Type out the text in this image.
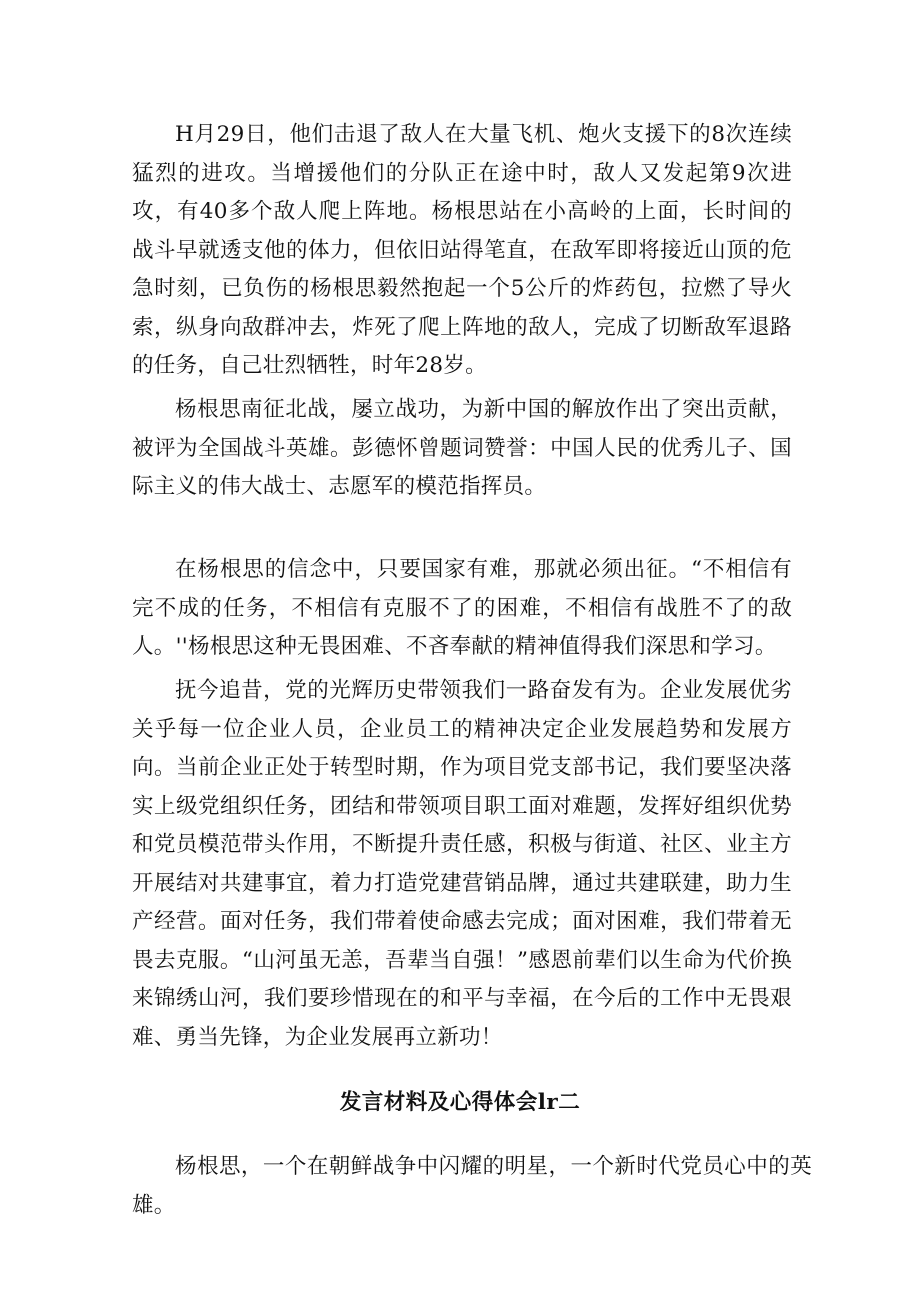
H月29日，他们击退了敌人在大量飞机、炮火支援下的8次连续猛烈的进攻。当增援他们的分队正在途中时，敌人又发起第9次进攻，有40多个敌人爬上阵地。杨根思站在小高岭的上面，长时间的战斗早就透支他的体力，但依旧站得笔直，在敌军即将接近山顶的危急时刻，已负伤的杨根思毅然抱起一个5公斤的炸药包，拉燃了导火索，纵身向敌群冲去，炸死了爬上阵地的敌人，完成了切断敌军退路的任务，自己壮烈牺牲，时年28岁。

杨根思南征北战，屡立战功，为新中国的解放作出了突出贡献，被评为全国战斗英雄。彭德怀曾题词赞誉：中国人民的优秀儿子、国际主义的伟大战士、志愿军的模范指挥员。

在杨根思的信念中，只要国家有难，那就必须出征。“不相信有完不成的任务，不相信有克服不了的困难，不相信有战胜不了的敌人。''杨根思这种无畏困难、不吝奉献的精神值得我们深思和学习。

抚今追昔，党的光辉历史带领我们一路奋发有为。企业发展优劣关乎每一位企业人员，企业员工的精神决定企业发展趋势和发展方向。当前企业正处于转型时期，作为项目党支部书记，我们要坚决落实上级党组织任务，团结和带领项目职工面对难题，发挥好组织优势和党员模范带头作用，不断提升责任感，积极与街道、社区、业主方开展结对共建事宜，着力打造党建营销品牌，通过共建联建，助力生产经营。面对任务，我们带着使命感去完成；面对困难，我们带着无畏去克服。“山河虽无恙，吾辈当自强！”感恩前辈们以生命为代价换来锦绣山河，我们要珍惜现在的和平与幸福，在今后的工作中无畏艰难、勇当先锋，为企业发展再立新功！

发言材料及心得体会lr二

杨根思，一个在朝鲜战争中闪耀的明星，一个新时代党员心中的英雄。
